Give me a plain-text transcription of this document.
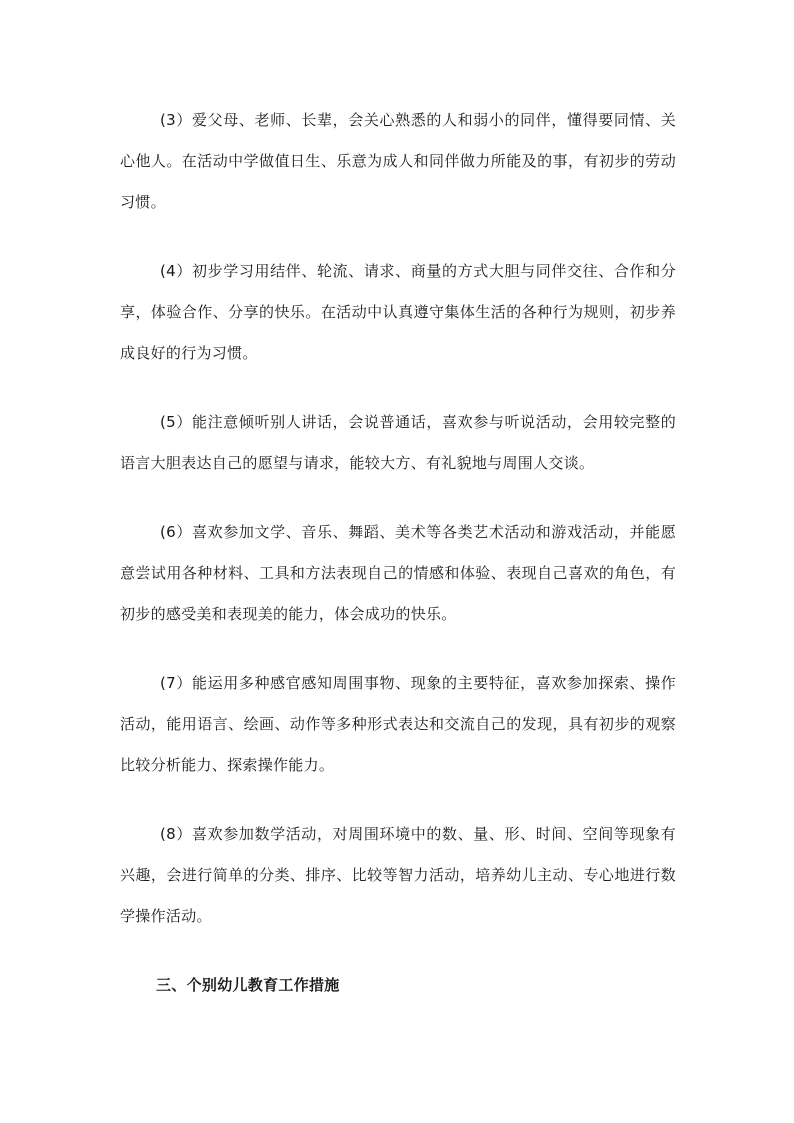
(3）爱父母、老师、长辈，会关心熟悉的人和弱小的同伴，懂得要同情、关心他人。在活动中学做值日生、乐意为成人和同伴做力所能及的事，有初步的劳动习惯。

(4）初步学习用结伴、轮流、请求、商量的方式大胆与同伴交往、合作和分享，体验合作、分享的快乐。在活动中认真遵守集体生活的各种行为规则，初步养成良好的行为习惯。

(5）能注意倾听别人讲话，会说普通话，喜欢参与听说活动，会用较完整的语言大胆表达自己的愿望与请求，能较大方、有礼貌地与周围人交谈。

(6）喜欢参加文学、音乐、舞蹈、美术等各类艺术活动和游戏活动，并能愿意尝试用各种材料、工具和方法表现自己的情感和体验、表现自己喜欢的角色，有初步的感受美和表现美的能力，体会成功的快乐。

(7）能运用多种感官感知周围事物、现象的主要特征，喜欢参加探索、操作活动，能用语言、绘画、动作等多种形式表达和交流自己的发现，具有初步的观察比较分析能力、探索操作能力。

(8）喜欢参加数学活动，对周围环境中的数、量、形、时间、空间等现象有兴趣，会进行简单的分类、排序、比较等智力活动，培养幼儿主动、专心地进行数学操作活动。

三、个别幼儿教育工作措施
